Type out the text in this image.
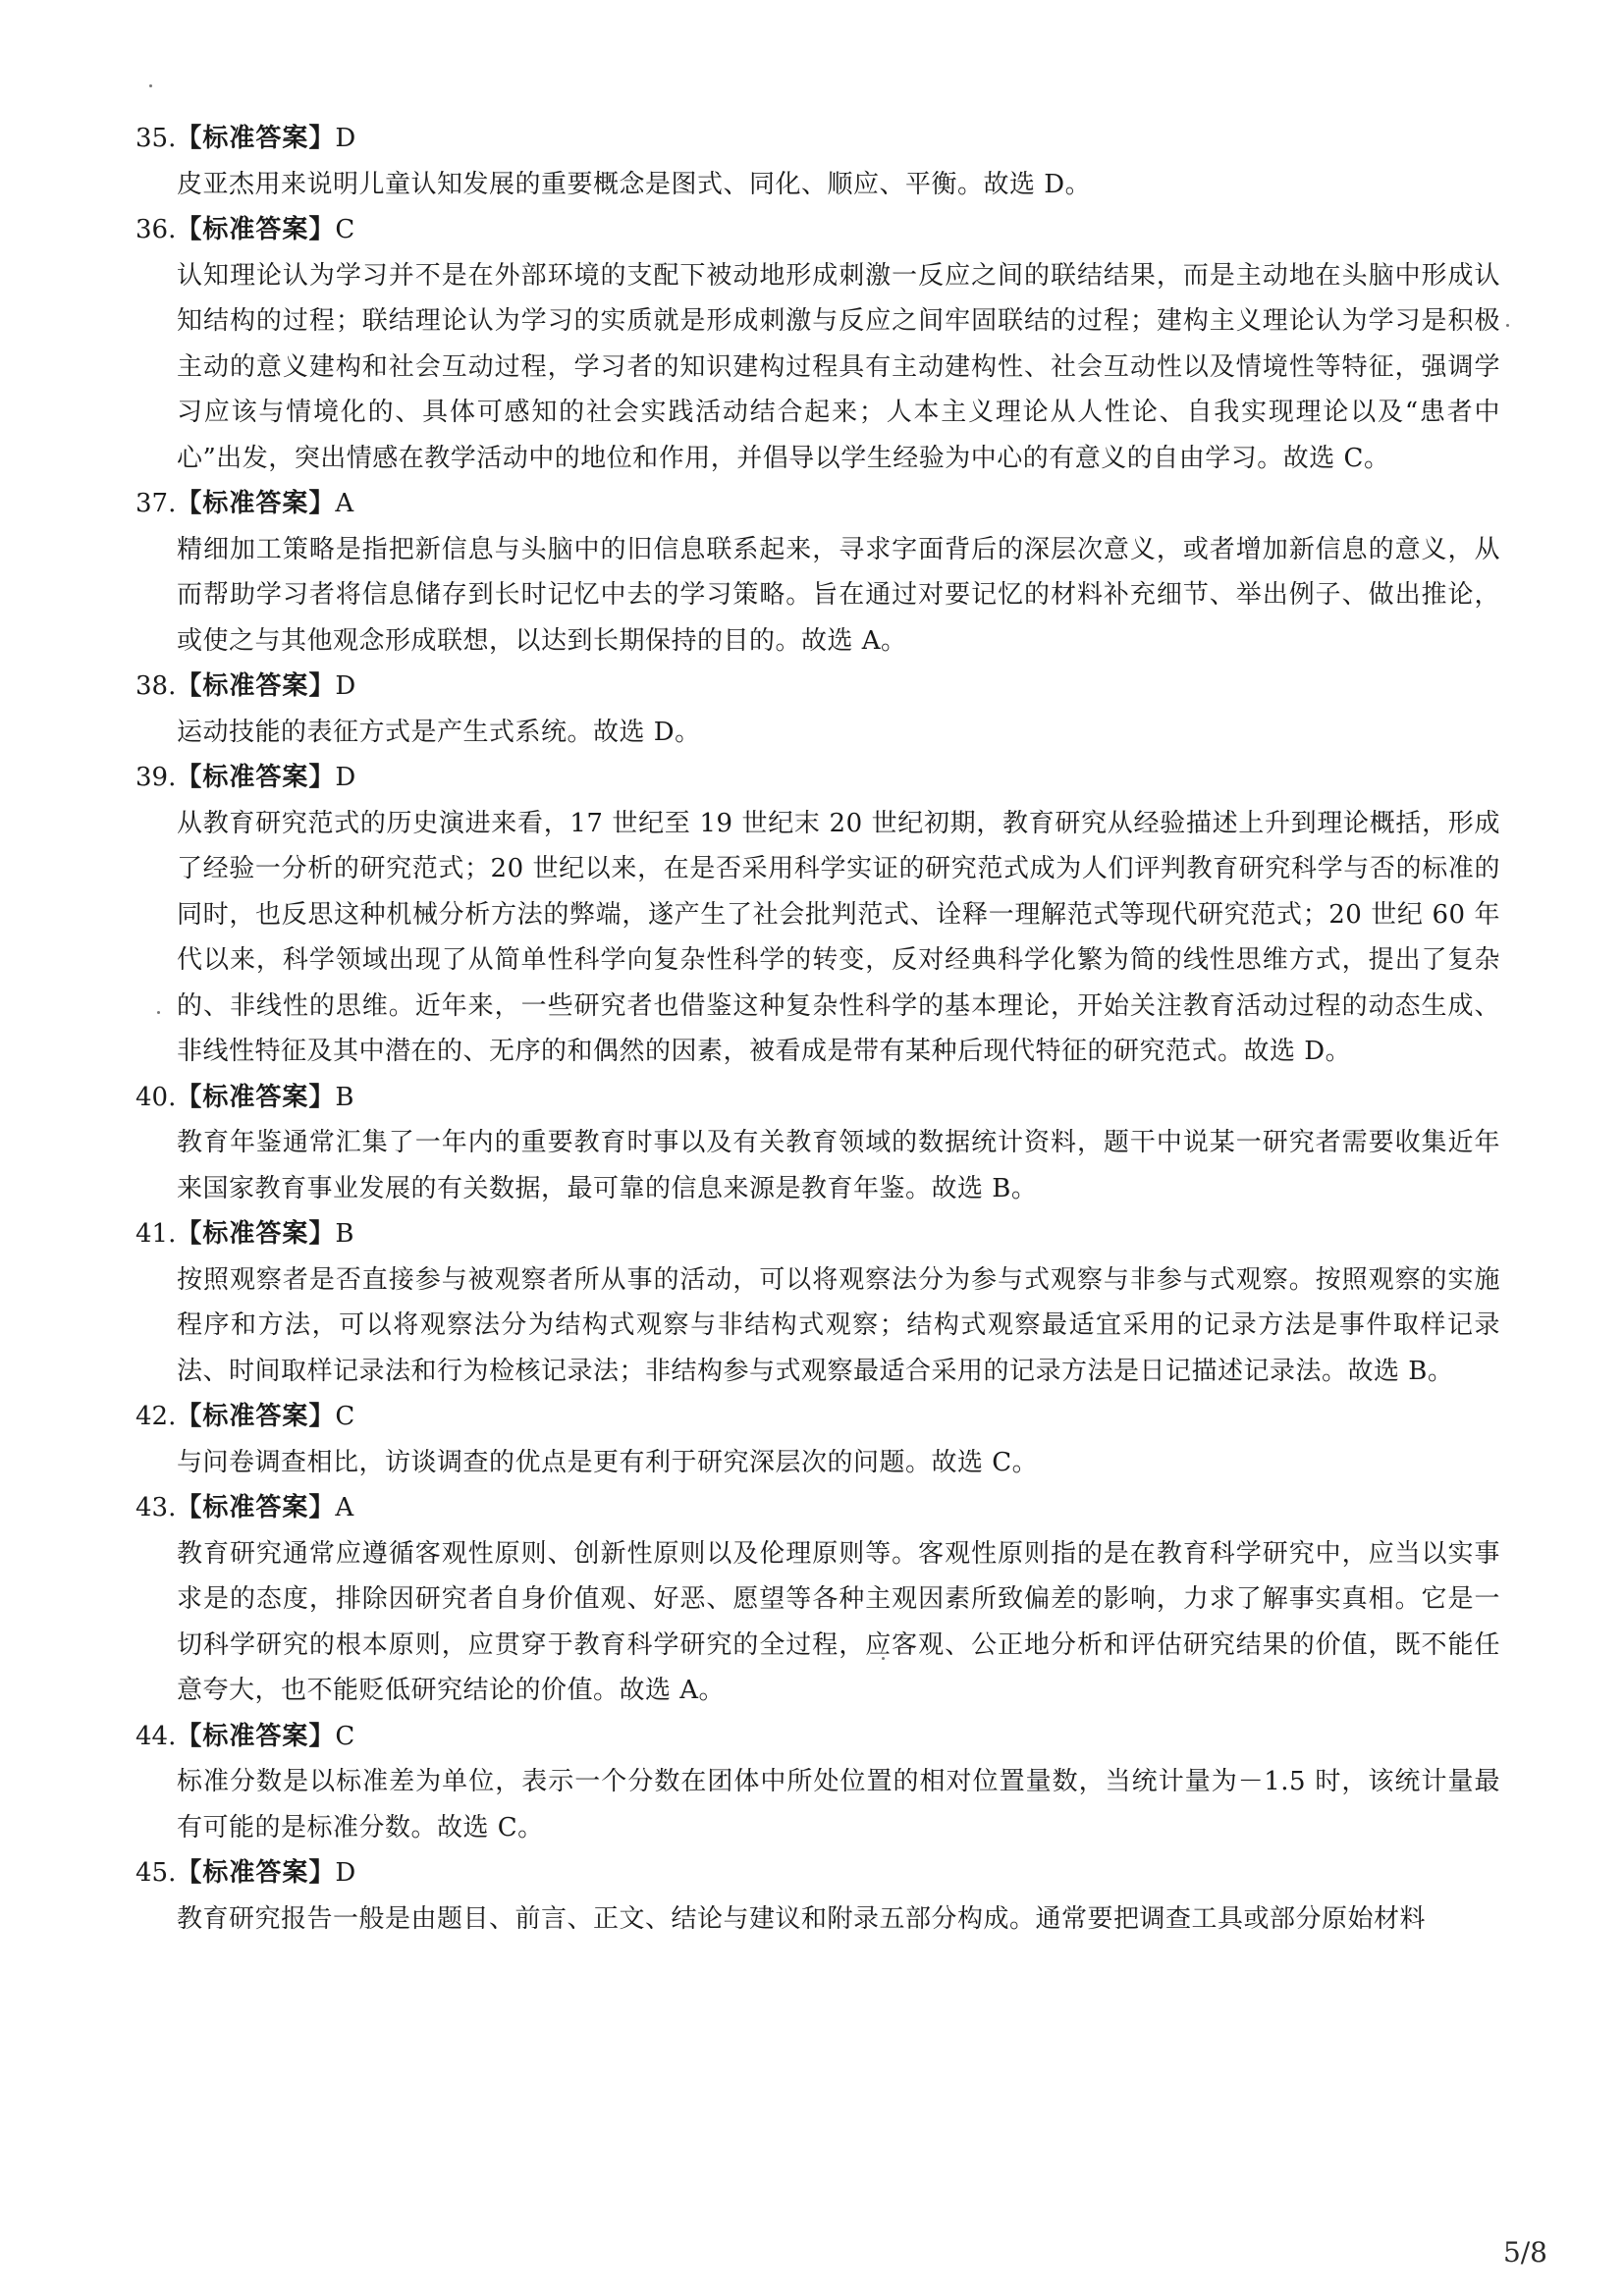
35.【标准答案】D
皮亚杰用来说明儿童认知发展的重要概念是图式、同化、顺应、平衡。故选 D。
36.【标准答案】C
认知理论认为学习并不是在外部环境的支配下被动地形成刺激一反应之间的联结结果，而是主动地在头脑中形成认知结构的过程；联结理论认为学习的实质就是形成刺激与反应之间牢固联结的过程；建构主义理论认为学习是积极主动的意义建构和社会互动过程，学习者的知识建构过程具有主动建构性、社会互动性以及情境性等特征，强调学习应该与情境化的、具体可感知的社会实践活动结合起来；人本主义理论从人性论、自我实现理论以及“患者中心”出发，突出情感在教学活动中的地位和作用，并倡导以学生经验为中心的有意义的自由学习。故选 C。
37.【标准答案】A
精细加工策略是指把新信息与头脑中的旧信息联系起来，寻求字面背后的深层次意义，或者增加新信息的意义，从而帮助学习者将信息储存到长时记忆中去的学习策略。旨在通过对要记忆的材料补充细节、举出例子、做出推论，或使之与其他观念形成联想，以达到长期保持的目的。故选 A。
38.【标准答案】D
运动技能的表征方式是产生式系统。故选 D。
39.【标准答案】D
从教育研究范式的历史演进来看，17 世纪至 19 世纪末 20 世纪初期，教育研究从经验描述上升到理论概括，形成了经验一分析的研究范式；20 世纪以来，在是否采用科学实证的研究范式成为人们评判教育研究科学与否的标准的同时，也反思这种机械分析方法的弊端，遂产生了社会批判范式、诠释一理解范式等现代研究范式；20 世纪 60 年代以来，科学领域出现了从简单性科学向复杂性科学的转变，反对经典科学化繁为简的线性思维方式，提出了复杂的、非线性的思维。近年来，一些研究者也借鉴这种复杂性科学的基本理论，开始关注教育活动过程的动态生成、非线性特征及其中潜在的、无序的和偶然的因素，被看成是带有某种后现代特征的研究范式。故选 D。
40.【标准答案】B
教育年鉴通常汇集了一年内的重要教育时事以及有关教育领域的数据统计资料，题干中说某一研究者需要收集近年来国家教育事业发展的有关数据，最可靠的信息来源是教育年鉴。故选 B。
41.【标准答案】B
按照观察者是否直接参与被观察者所从事的活动，可以将观察法分为参与式观察与非参与式观察。按照观察的实施程序和方法，可以将观察法分为结构式观察与非结构式观察；结构式观察最适宜采用的记录方法是事件取样记录法、时间取样记录法和行为检核记录法；非结构参与式观察最适合采用的记录方法是日记描述记录法。故选 B。
42.【标准答案】C
与问卷调查相比，访谈调查的优点是更有利于研究深层次的问题。故选 C。
43.【标准答案】A
教育研究通常应遵循客观性原则、创新性原则以及伦理原则等。客观性原则指的是在教育科学研究中，应当以实事求是的态度，排除因研究者自身价值观、好恶、愿望等各种主观因素所致偏差的影响，力求了解事实真相。它是一切科学研究的根本原则，应贯穿于教育科学研究的全过程，应客观、公正地分析和评估研究结果的价值，既不能任意夸大，也不能贬低研究结论的价值。故选 A。
44.【标准答案】C
标准分数是以标准差为单位，表示一个分数在团体中所处位置的相对位置量数，当统计量为－1.5 时，该统计量最有可能的是标准分数。故选 C。
45.【标准答案】D
教育研究报告一般是由题目、前言、正文、结论与建议和附录五部分构成。通常要把调查工具或部分原始材料
5/8
